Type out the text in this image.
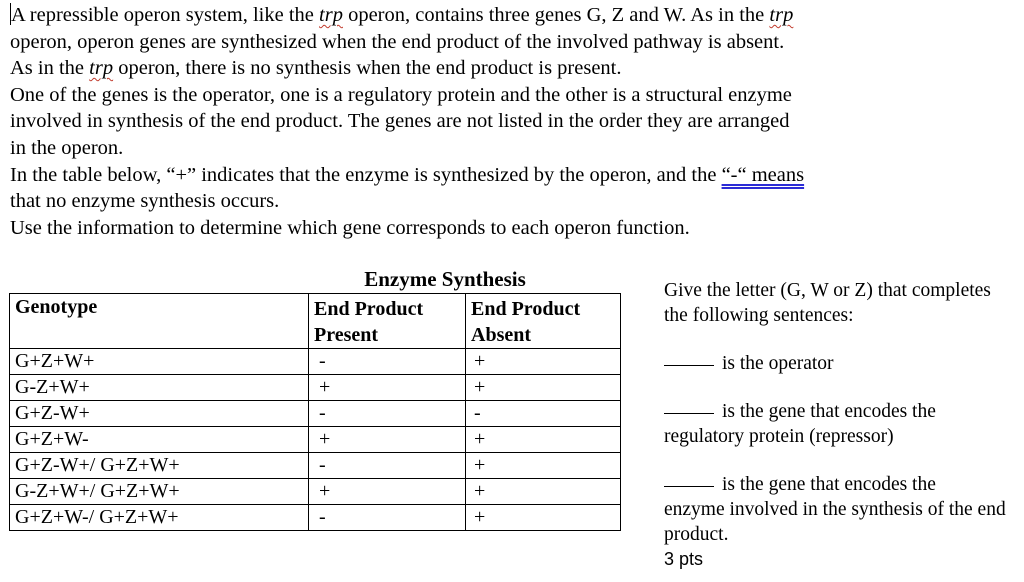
A repressible operon system, like the trp operon, contains three genes G, Z and W. As in the trp

operon, operon genes are synthesized when the end product of the involved pathway is absent.

As in the trp operon, there is no synthesis when the end product is present.

One of the genes is the operator, one is a regulatory protein and the other is a structural enzyme

involved in synthesis of the end product. The genes are not listed in the order they are arranged

in the operon.

In the table below, “+” indicates that the enzyme is synthesized by the operon, and the “-“ means

that no enzyme synthesis occurs.

Use the information to determine which gene corresponds to each operon function.

Enzyme Synthesis
Genotype	End Product Present	End Product Absent
G+Z+W+	-	+
G-Z+W+	+	+
G+Z-W+	-	-
G+Z+W-	+	+
G+Z-W+/ G+Z+W+	-	+
G-Z+W+/ G+Z+W+	+	+
G+Z+W-/ G+Z+W+	-	+
Give the letter (G, W or Z) that completes the following sentences:
is the operator
is the gene that encodes the
regulatory protein (repressor)
is the gene that encodes the
enzyme involved in the synthesis of the end product.
3 pts
